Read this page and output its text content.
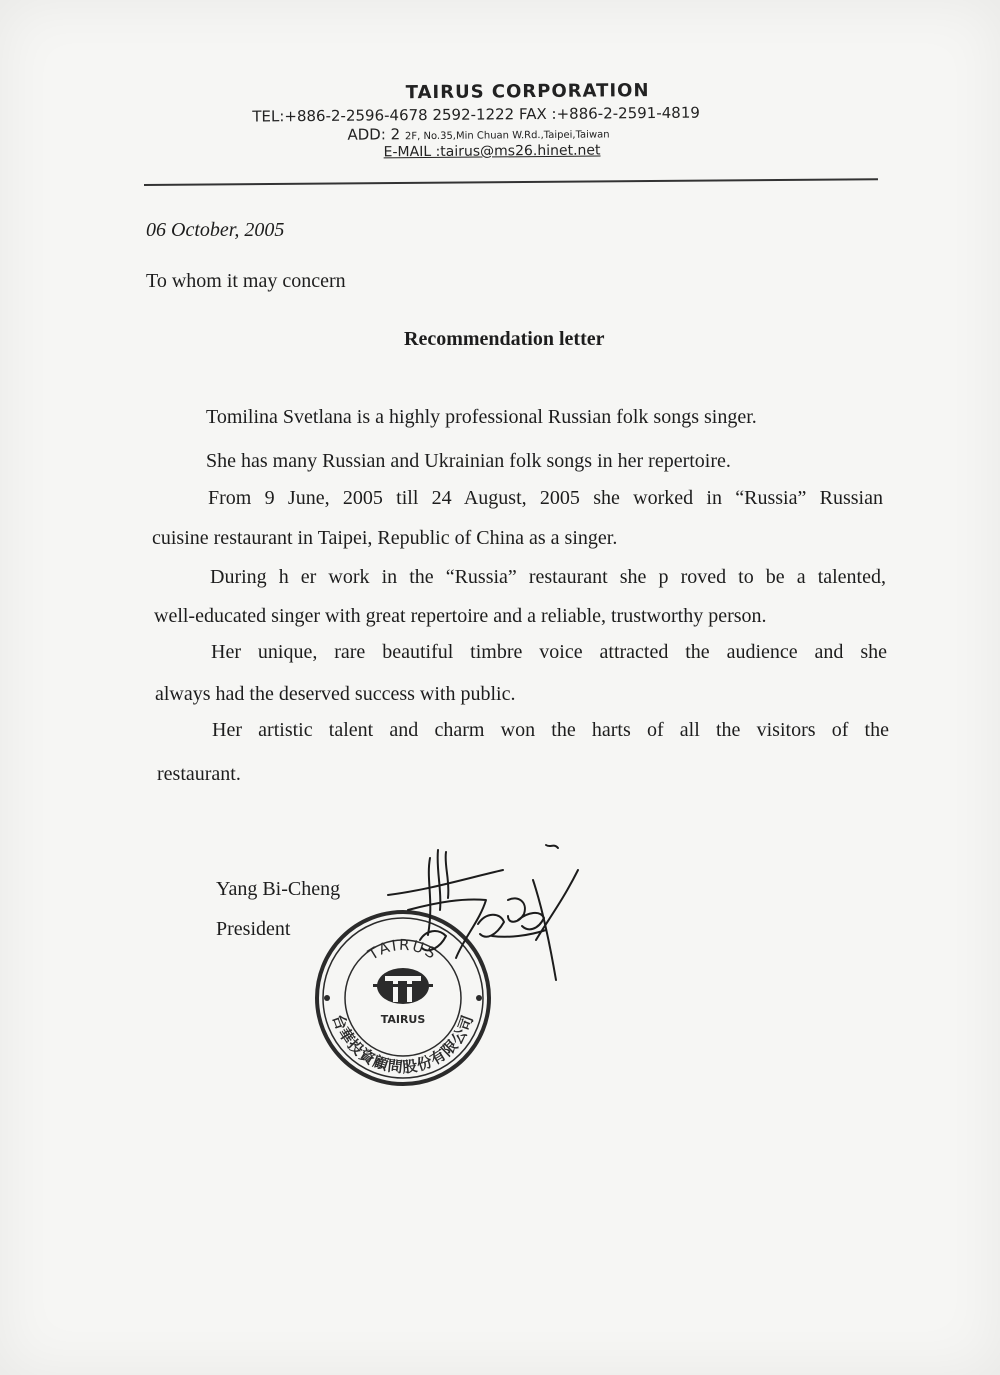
TAIRUS CORPORATION
TEL:+886-2-2596-4678 2592-1222 FAX :+886-2-2591-4819
ADD: 2 2F, No.35,Min Chuan W.Rd.,Taipei,Taiwan
E-MAIL :tairus@ms26.hinet.net
06 October, 2005
To whom it may concern
Recommendation letter
Tomilina Svetlana is a highly professional Russian folk songs singer.
She has many Russian and Ukrainian folk songs in her repertoire.
From 9 June, 2005 till 24 August, 2005 she worked in “Russia” Russian
cuisine restaurant in Taipei, Republic of China as a singer.
During h er work in the “Russia” restaurant she p roved to be a talented,
well-educated singer with great repertoire and a reliable, trustworthy person.
Her unique, rare beautiful timbre voice attracted the audience and she
always had the deserved success with public.
Her artistic talent and charm won the harts of all the visitors of the
restaurant.
Yang Bi-Cheng
President
TAIRUS
台華投資顧問股份有限公司
TAIRUS
